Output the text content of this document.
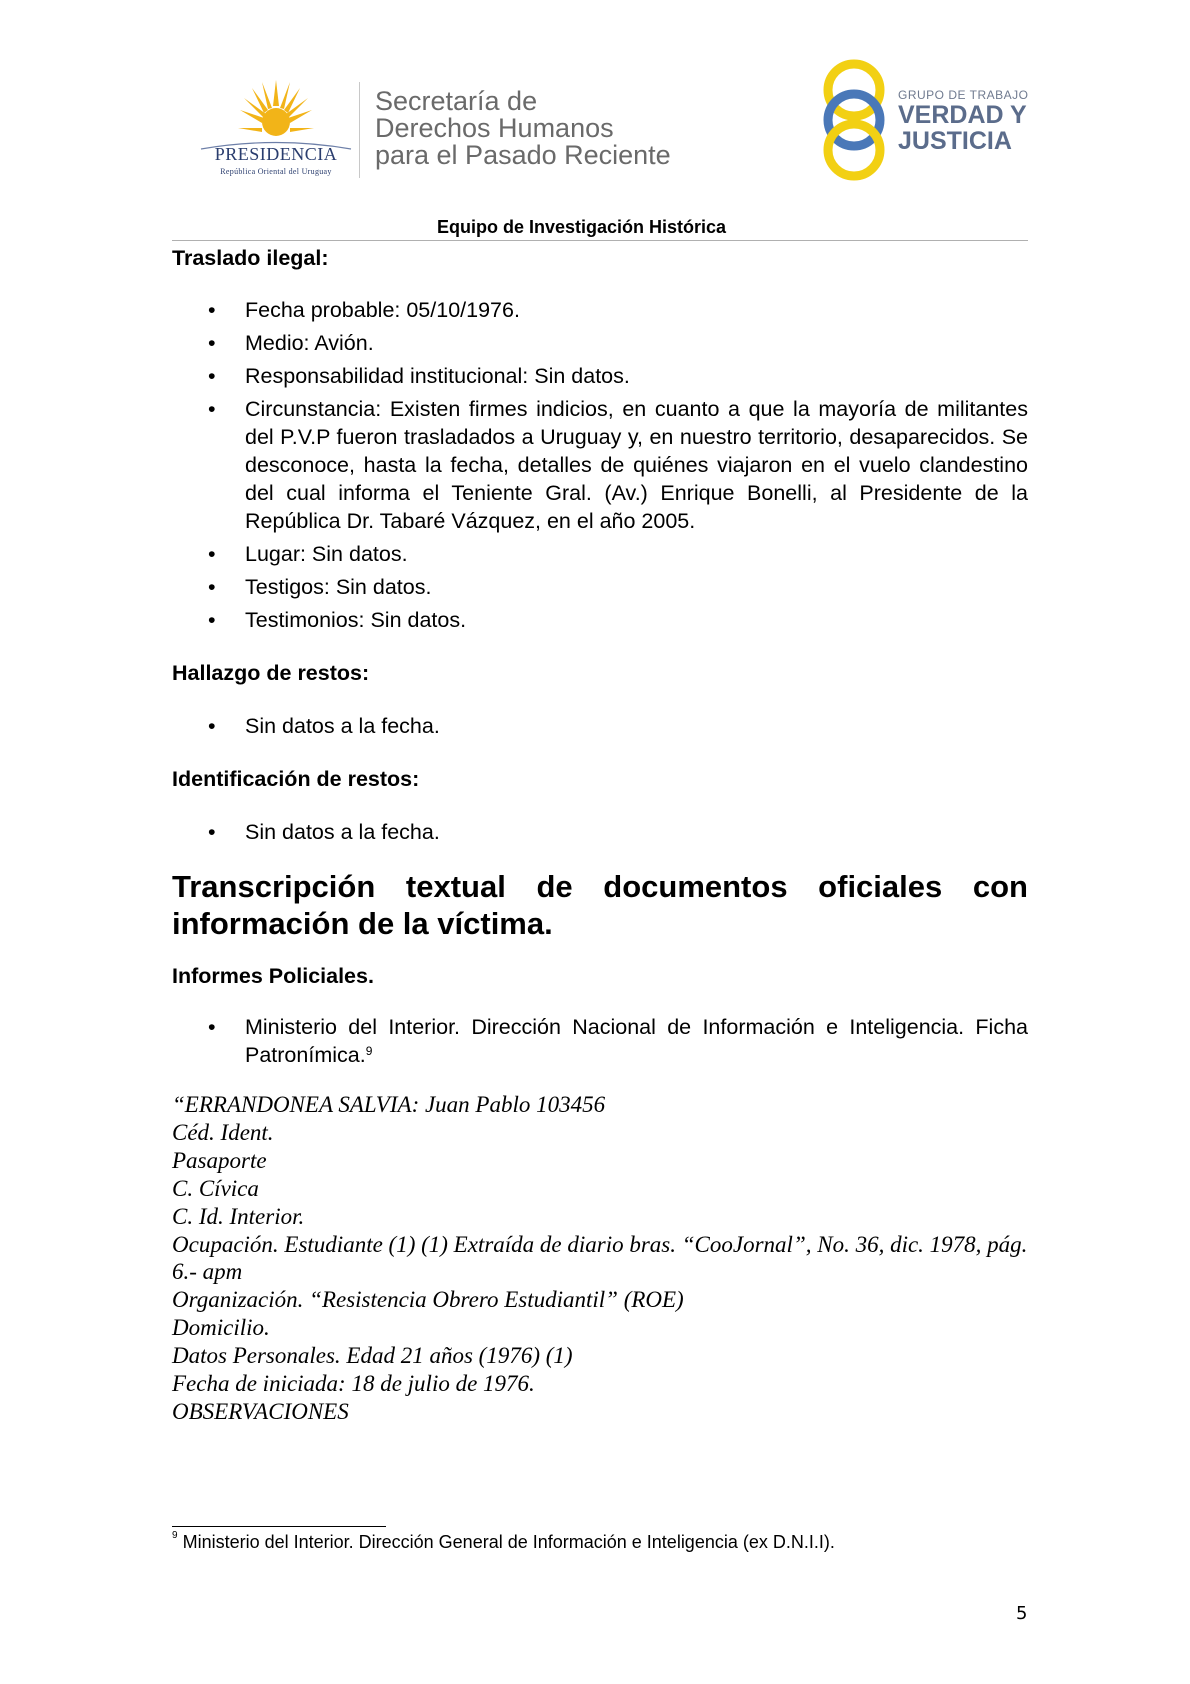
PRESIDENCIA
República Oriental del Uruguay
Secretaría de
Derechos Humanos
para el Pasado Reciente
GRUPO DE TRABAJO
VERDAD Y
JUSTICIA
Equipo de Investigación Histórica

Traslado ilegal:

• Fecha probable: 05/10/1976.
• Medio: Avión.
• Responsabilidad institucional: Sin datos.
• Circunstancia: Existen firmes indicios, en cuanto a que la mayoría de militantes del P.V.P fueron trasladados a Uruguay y, en nuestro territorio, desaparecidos. Se desconoce, hasta la fecha, detalles de quiénes viajaron en el vuelo clandestino del cual informa el Teniente Gral. (Av.) Enrique Bonelli, al Presidente de la República Dr. Tabaré Vázquez, en el año 2005.
• Lugar: Sin datos.
• Testigos: Sin datos.
• Testimonios: Sin datos.

Hallazgo de restos:

• Sin datos a la fecha.

Identificación de restos:

• Sin datos a la fecha.

Transcripción textual de documentos oficiales con información de la víctima.

Informes Policiales.

• Ministerio del Interior. Dirección Nacional de Información e Inteligencia. Ficha Patronímica.$^9$
“ERRANDONEA SALVIA: Juan Pablo 103456
Céd. Ident.
Pasaporte
C. Cívica
C. Id. Interior.
Ocupación. Estudiante (1) (1) Extraída de diario bras. “CooJornal”, No. 36, dic. 1978, pág. 6.- apm
Organización. “Resistencia Obrero Estudiantil” (ROE)
Domicilio.
Datos Personales. Edad 21 años (1976) (1)
Fecha de iniciada: 18 de julio de 1976.
OBSERVACIONES
$^9$ Ministerio del Interior. Dirección General de Información e Inteligencia (ex D.N.I.I).
5
